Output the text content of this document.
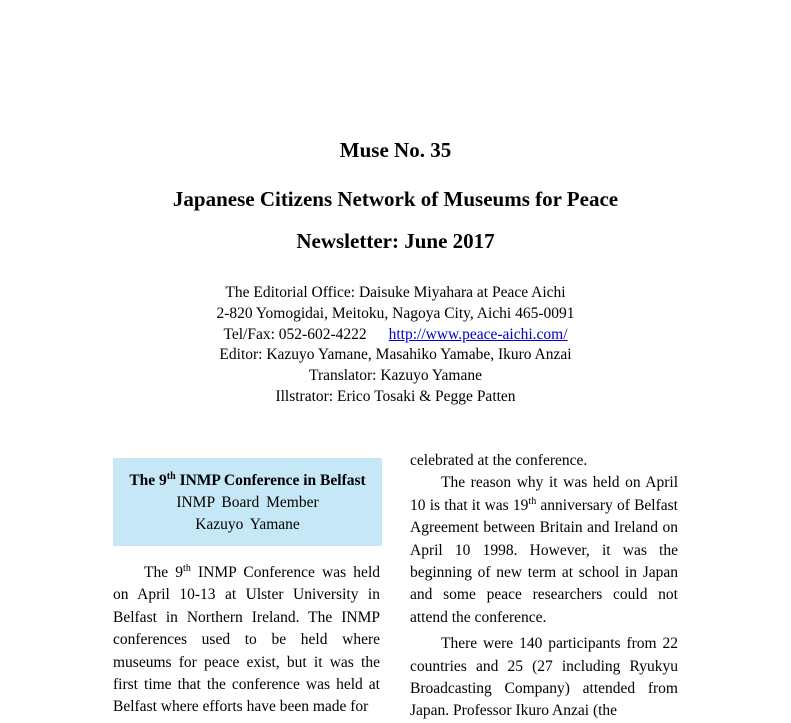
Muse No. 35
Japanese Citizens Network of Museums for Peace
Newsletter: June 2017
The Editorial Office: Daisuke Miyahara at Peace Aichi
2-820 Yomogidai, Meitoku, Nagoya City, Aichi 465-0091
Tel/Fax: 052-602-4222 http://www.peace-aichi.com/
Editor: Kazuyo Yamane, Masahiko Yamabe, Ikuro Anzai
Translator: Kazuyo Yamane
Illstrator: Erico Tosaki & Pegge Patten
The 9th INMP Conference in Belfast
INMP Board Member
Kazuyo Yamane

The 9th INMP Conference was held on April 10-13 at Ulster University in Belfast in Northern Ireland. The INMP conferences used to be held where museums for peace exist, but it was the first time that the conference was held at Belfast where efforts have been made for

celebrated at the conference.

The reason why it was held on April 10 is that it was 19th anniversary of Belfast Agreement between Britain and Ireland on April 10 1998. However, it was the beginning of new term at school in Japan and some peace researchers could not attend the conference.

There were 140 participants from 22 countries and 25 (27 including Ryukyu Broadcasting Company) attended from Japan. Professor Ikuro Anzai (the
